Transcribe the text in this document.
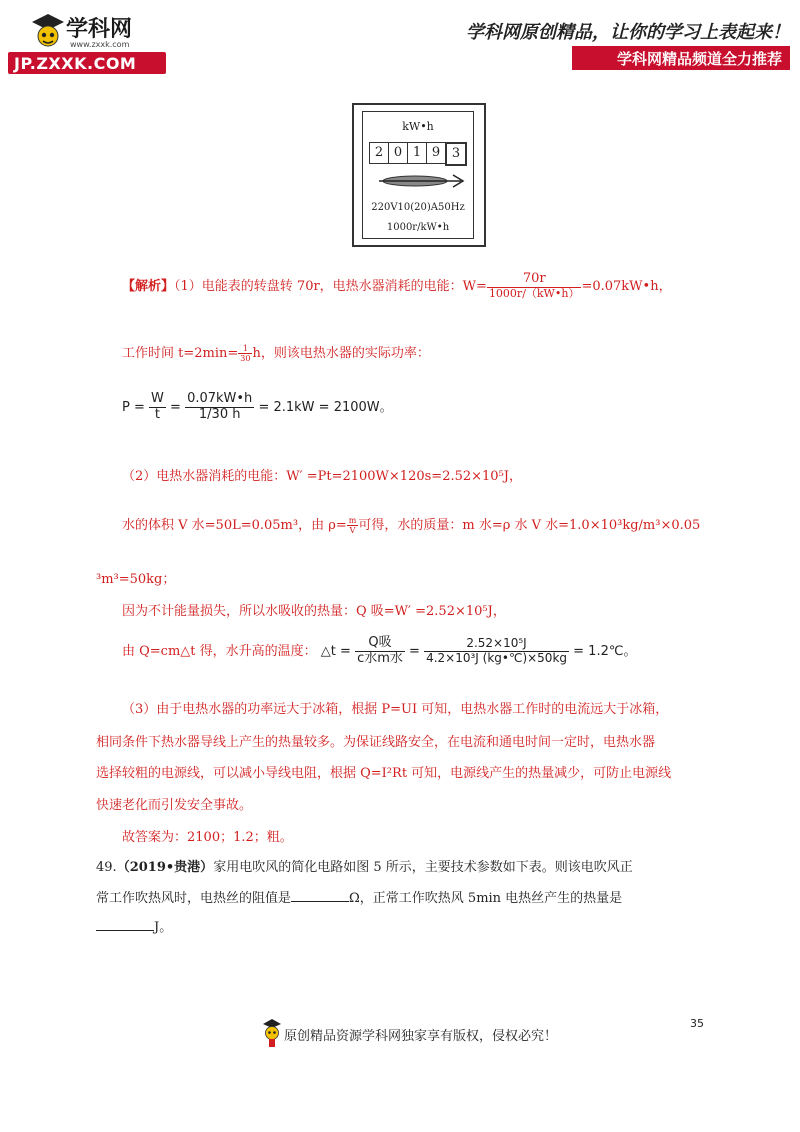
学科网
www.zxxk.com
JP.ZXXK.COM
学科网原创精品，让你的学习上表起来！
学科网精品频道全力推荐
kW•h
2 0 1 9 3
220V10(20)A50Hz
1000r/kW•h
【解析】（1）电能表的转盘转 70r，电热水器消耗的电能：$W= \frac{70r}{1000r/(kW•h)}$ =0.07kW•h，
工作时间 $t=2\min= \frac{1}{30}$ h，则该电热水器的实际功率：
$P = \frac{W}{t} = \frac{0.07kW•h}{1/30 h} = 2.1kW = 2100W$。
（2）电热水器消耗的电能：W′ =Pt=2100W×120s=2.52×10⁵J，
水的体积 V 水=50L=0.05m³，由 $\rho= \frac{m}{V}$ 可得，水的质量：m 水=ρ 水 V 水=1.0×10³kg/m³×0.05
³m³=50kg；
因为不计能量损失，所以水吸收的热量：Q 吸=W′ =2.52×10⁵J，
由 Q=cm△t 得，水升高的温度： △t = $\frac{\text{Q吸}}{\text{c水m水}} = \frac{\text{2.52×10⁵J}}{\text{4.2×10³J (kg•℃)×50kg}}$ = 1.2℃。
（3）由于电热水器的功率远大于冰箱，根据 P=UI 可知，电热水器工作时的电流远大于冰箱，
相同条件下热水器导线上产生的热量较多。为保证线路安全，在电流和通电时间一定时，电热水器
选择较粗的电源线，可以减小导线电阻，根据 Q=I²Rt 可知，电源线产生的热量减少，可防止电源线
快速老化而引发安全事故。
故答案为：2100；1.2；粗。
49.（2019•贵港）家用电吹风的简化电路如图 5 所示，主要技术参数如下表。则该电吹风正
常工作吹热风时，电热丝的阻值是	Ω，正常工作吹热风 5min 电热丝产生的热量是
J。
原创精品资源学科网独家享有版权，侵权必究！
35
